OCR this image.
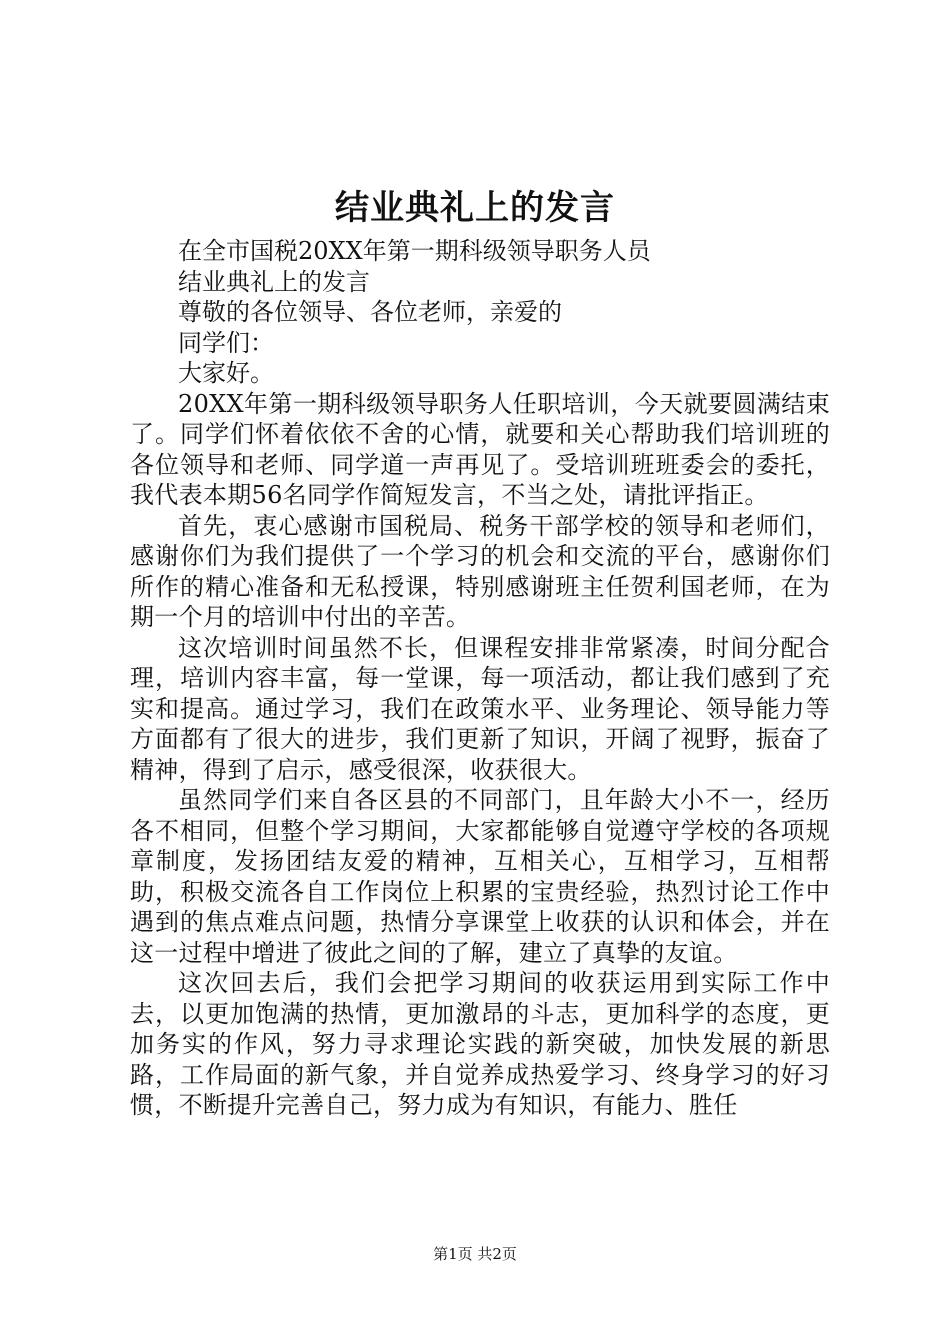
结业典礼上的发言

在全市国税20XX年第一期科级领导职务人员

结业典礼上的发言

尊敬的各位领导、各位老师，亲爱的

同学们：

大家好。

20XX年第一期科级领导职务人任职培训，今天就要圆满结束了。同学们怀着依依不舍的心情，就要和关心帮助我们培训班的各位领导和老师、同学道一声再见了。受培训班班委会的委托，我代表本期56名同学作简短发言，不当之处，请批评指正。

首先，衷心感谢市国税局、税务干部学校的领导和老师们，感谢你们为我们提供了一个学习的机会和交流的平台，感谢你们所作的精心准备和无私授课，特别感谢班主任贺利国老师，在为期一个月的培训中付出的辛苦。

这次培训时间虽然不长，但课程安排非常紧凑，时间分配合理，培训内容丰富，每一堂课，每一项活动，都让我们感到了充实和提高。通过学习，我们在政策水平、业务理论、领导能力等方面都有了很大的进步，我们更新了知识，开阔了视野，振奋了精神，得到了启示，感受很深，收获很大。

虽然同学们来自各区县的不同部门，且年龄大小不一，经历各不相同，但整个学习期间，大家都能够自觉遵守学校的各项规章制度，发扬团结友爱的精神，互相关心，互相学习，互相帮助，积极交流各自工作岗位上积累的宝贵经验，热烈讨论工作中遇到的焦点难点问题，热情分享课堂上收获的认识和体会，并在这一过程中增进了彼此之间的了解，建立了真挚的友谊。

这次回去后，我们会把学习期间的收获运用到实际工作中去，以更加饱满的热情，更加激昂的斗志，更加科学的态度，更加务实的作风，努力寻求理论实践的新突破，加快发展的新思路，工作局面的新气象，并自觉养成热爱学习、终身学习的好习惯，不断提升完善自己，努力成为有知识，有能力、胜任

第1页 共2页
